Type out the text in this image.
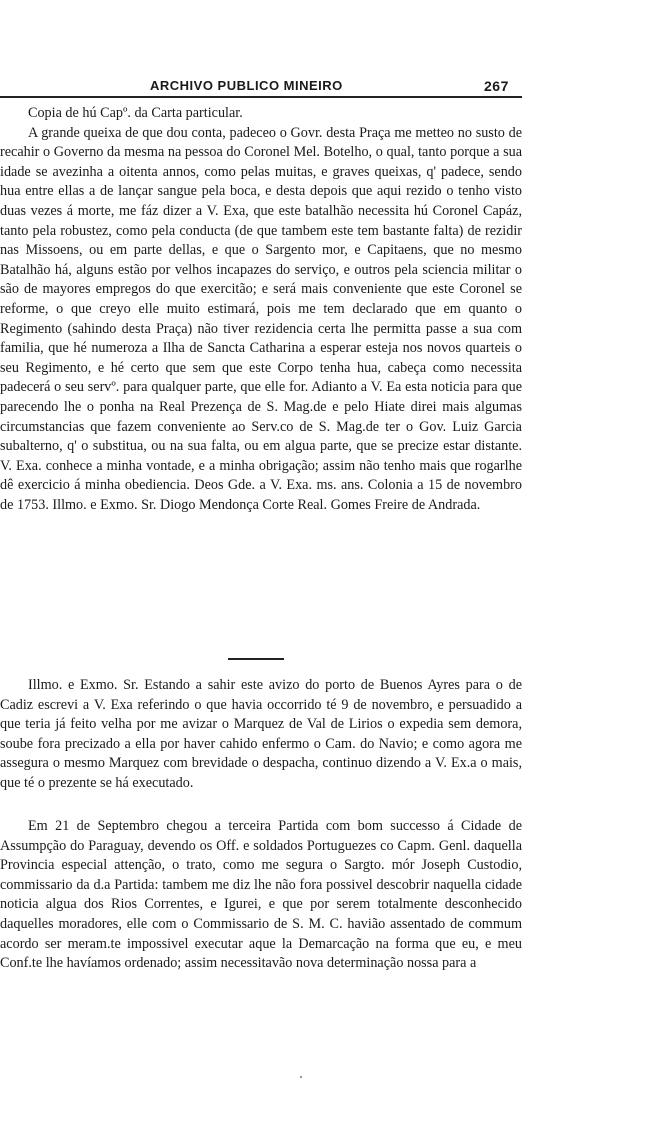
ARCHIVO PUBLICO MINEIRO	267

Copia de hú Capº. da Carta particular.

A grande queixa de que dou conta, padeceo o Govr. desta Praça me metteo no susto de recahir o Governo da mesma na pessoa do Coronel Mel. Botelho, o qual, tanto porque a sua idade se avezinha a oitenta annos, como pelas muitas, e graves queixas, q' padece, sendo hua entre ellas a de lançar sangue pela boca, e desta depois que aqui rezido o tenho visto duas vezes á morte, me fáz dizer a V. Exa, que este batalhão necessita hú Coronel Capáz, tanto pela robustez, como pela conducta (de que tambem este tem bastante falta) de rezidir nas Missoens, ou em parte dellas, e que o Sargento mor, e Capitaens, que no mesmo Batalhão há, alguns estão por velhos incapazes do serviço, e outros pela sciencia militar o são de mayores empregos do que exercitão; e será mais conveniente que este Coronel se reforme, o que creyo elle muito estimará, pois me tem declarado que em quanto o Regimento (sahindo desta Praça) não tiver rezidencia certa lhe permitta passe a sua com familia, que hé numeroza a Ilha de Sancta Catharina a esperar esteja nos novos quarteis o seu Regimento, e hé certo que sem que este Corpo tenha hua, cabeça como necessita padecerá o seu servº. para qualquer parte, que elle for. Adianto a V. Ea esta noticia para que parecendo lhe o ponha na Real Prezença de S. Mag.de e pelo Hiate direi mais algumas circumstancias que fazem conveniente ao Serv.co de S. Mag.de ter o Gov. Luiz Garcia subalterno, q' o substitua, ou na sua falta, ou em algua parte, que se precize estar distante. V. Exa. conhece a minha vontade, e a minha obrigação; assim não tenho mais que rogarlhe dê exercicio á minha obediencia. Deos Gde. a V. Exa. ms. ans. Colonia a 15 de novembro de 1753. Illmo. e Exmo. Sr. Diogo Mendonça Corte Real. Gomes Freire de Andrada.

Illmo. e Exmo. Sr. Estando a sahir este avizo do porto de Buenos Ayres para o de Cadiz escrevi a V. Exa referindo o que havia occorrido té 9 de novembro, e persuadido a que teria já feito velha por me avizar o Marquez de Val de Lirios o expedia sem demora, soube fora precizado a ella por haver cahido enfermo o Cam. do Navio; e como agora me assegura o mesmo Marquez com brevidade o despacha, continuo dizendo a V. Ex.a o mais, que té o prezente se há executado.

Em 21 de Septembro chegou a terceira Partida com bom successo á Cidade de Assumpção do Paraguay, devendo os Off. e soldados Portuguezes co Capm. Genl. daquella Provincia especial attenção, o trato, como me segura o Sargto. mór Joseph Custodio, commissario da d.a Partida: tambem me diz lhe não fora possivel descobrir naquella cidade noticia algua dos Rios Correntes, e Igurei, e que por serem totalmente desconhecido daquelles moradores, elle com o Commissario de S. M. C. havião assentado de commum acordo ser meram.te impossivel executar aque la Demarcação na forma que eu, e meu Conf.te lhe havíamos ordenado; assim necessitavão nova determinação nossa para a
